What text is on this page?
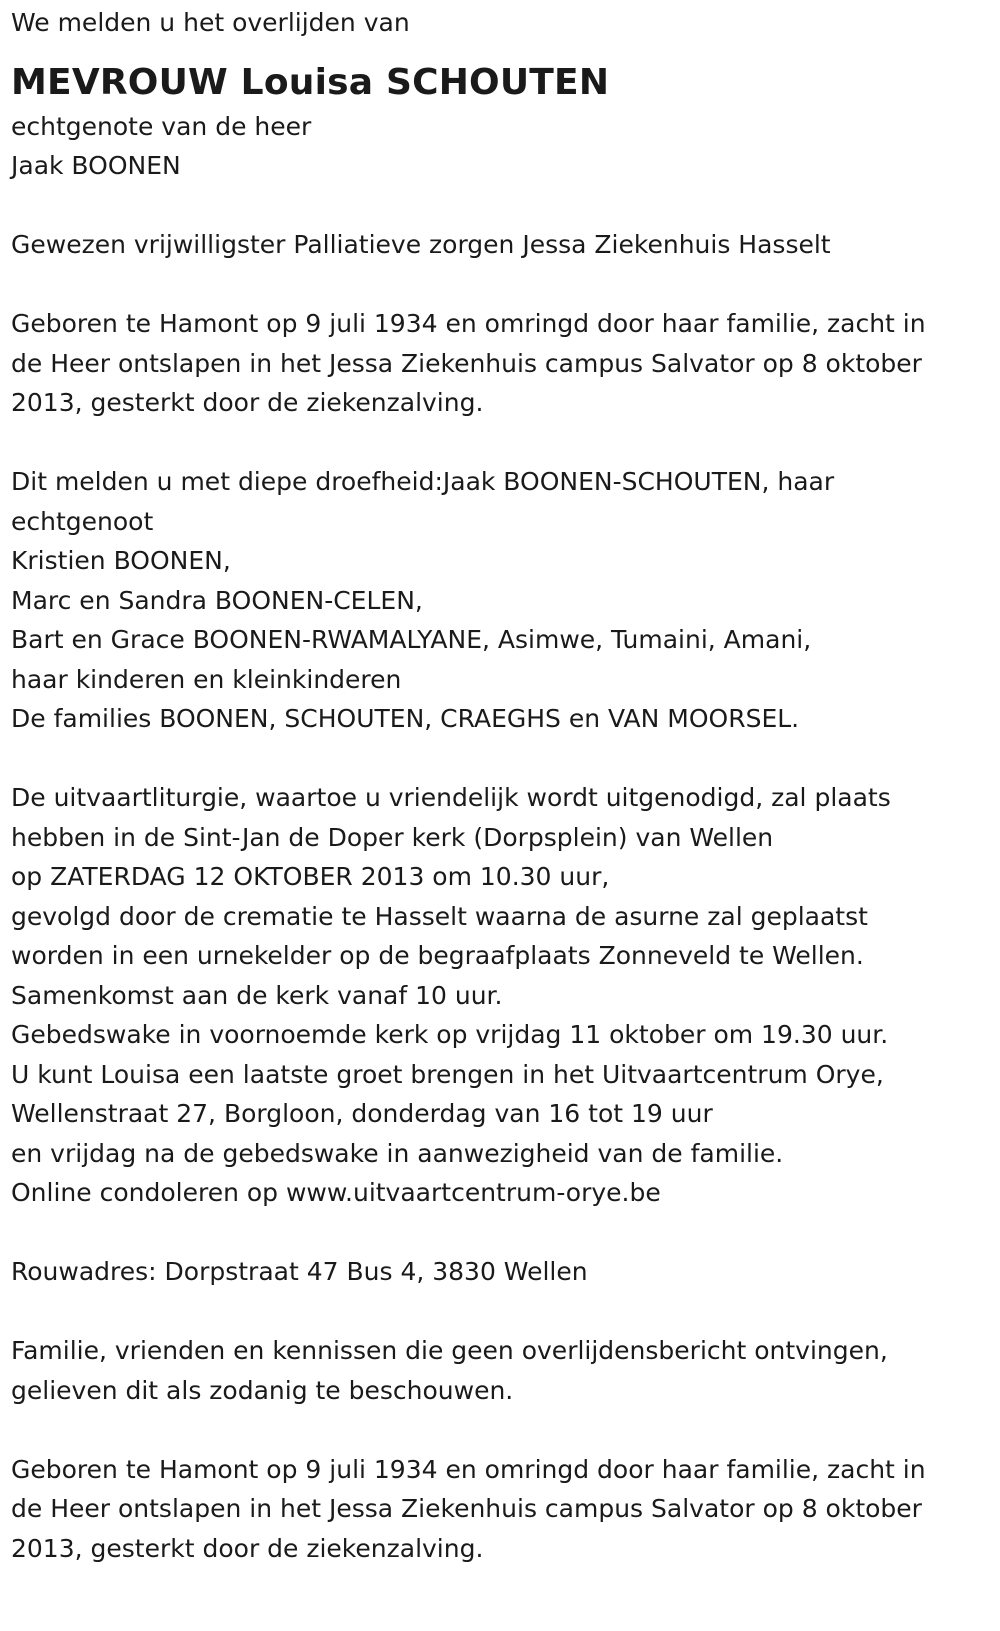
We melden u het overlijden van
MEVROUW Louisa SCHOUTEN
echtgenote van de heer
Jaak BOONEN
Gewezen vrijwilligster Palliatieve zorgen Jessa Ziekenhuis Hasselt
Geboren te Hamont op 9 juli 1934 en omringd door haar familie, zacht in
de Heer ontslapen in het Jessa Ziekenhuis campus Salvator op 8 oktober
2013, gesterkt door de ziekenzalving.
Dit melden u met diepe droefheid:Jaak BOONEN-SCHOUTEN, haar
echtgenoot
Kristien BOONEN,
Marc en Sandra BOONEN-CELEN,
Bart en Grace BOONEN-RWAMALYANE, Asimwe, Tumaini, Amani,
haar kinderen en kleinkinderen
De families BOONEN, SCHOUTEN, CRAEGHS en VAN MOORSEL.
De uitvaartliturgie, waartoe u vriendelijk wordt uitgenodigd, zal plaats
hebben in de Sint-Jan de Doper kerk (Dorpsplein) van Wellen
op ZATERDAG 12 OKTOBER 2013 om 10.30 uur,
gevolgd door de crematie te Hasselt waarna de asurne zal geplaatst
worden in een urnekelder op de begraafplaats Zonneveld te Wellen.
Samenkomst aan de kerk vanaf 10 uur.
Gebedswake in voornoemde kerk op vrijdag 11 oktober om 19.30 uur.
U kunt Louisa een laatste groet brengen in het Uitvaartcentrum Orye,
Wellenstraat 27, Borgloon, donderdag van 16 tot 19 uur
en vrijdag na de gebedswake in aanwezigheid van de familie.
Online condoleren op www.uitvaartcentrum-orye.be
Rouwadres: Dorpstraat 47 Bus 4, 3830 Wellen
Familie, vrienden en kennissen die geen overlijdensbericht ontvingen,
gelieven dit als zodanig te beschouwen.
Geboren te Hamont op 9 juli 1934 en omringd door haar familie, zacht in
de Heer ontslapen in het Jessa Ziekenhuis campus Salvator op 8 oktober
2013, gesterkt door de ziekenzalving.
